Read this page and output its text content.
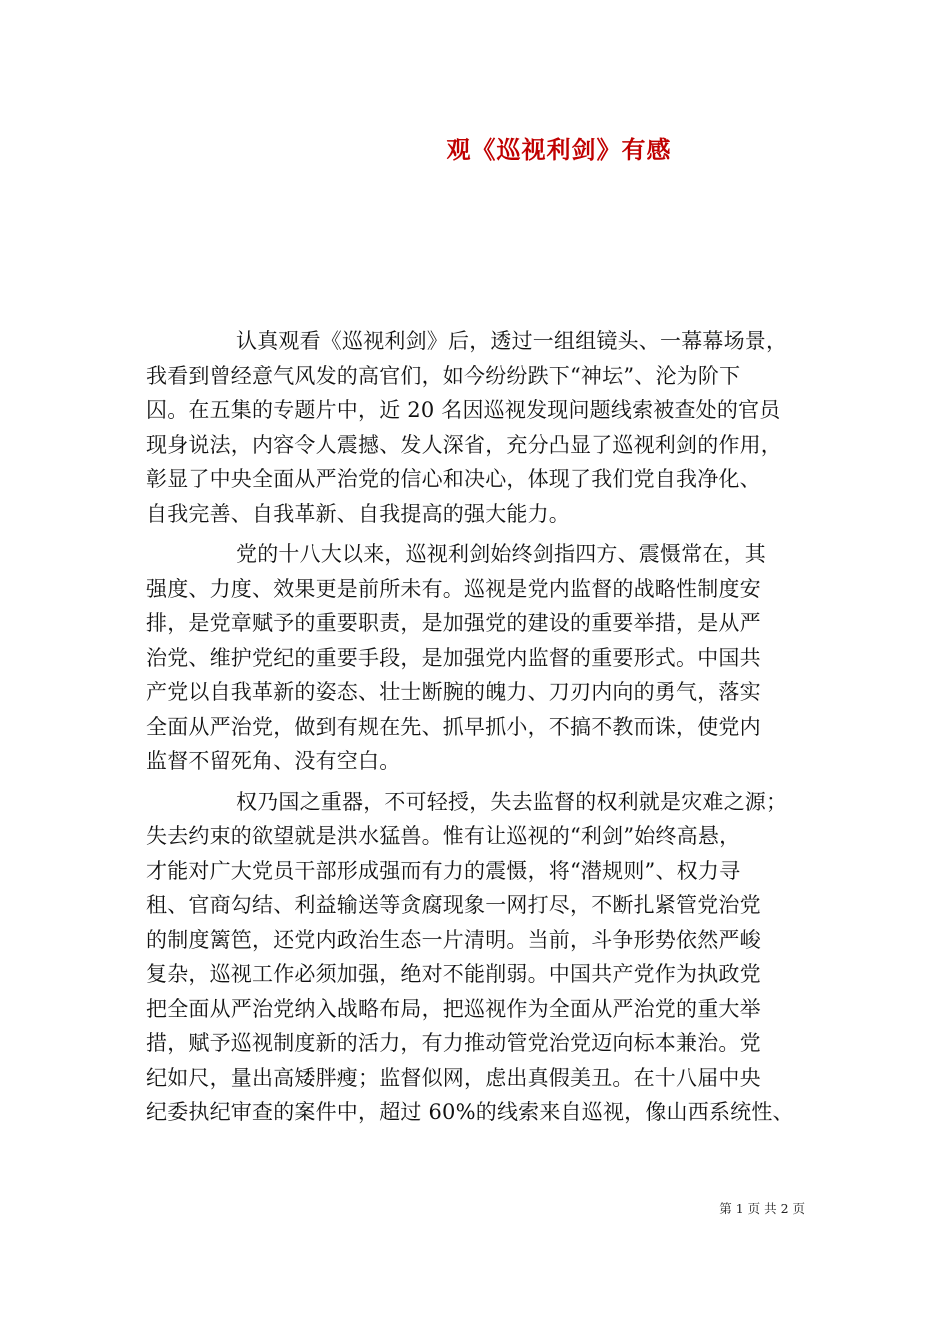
观《巡视利剑》有感
认真观看《巡视利剑》后，透过一组组镜头、一幕幕场景，
我看到曾经意气风发的高官们，如今纷纷跌下“神坛”、沦为阶下
囚。在五集的专题片中，近 20 名因巡视发现问题线索被查处的官员
现身说法，内容令人震撼、发人深省，充分凸显了巡视利剑的作用，
彰显了中央全面从严治党的信心和决心，体现了我们党自我净化、
自我完善、自我革新、自我提高的强大能力。
党的十八大以来，巡视利剑始终剑指四方、震慑常在，其
强度、力度、效果更是前所未有。巡视是党内监督的战略性制度安
排，是党章赋予的重要职责，是加强党的建设的重要举措，是从严
治党、维护党纪的重要手段，是加强党内监督的重要形式。中国共
产党以自我革新的姿态、壮士断腕的魄力、刀刃内向的勇气，落实
全面从严治党，做到有规在先、抓早抓小，不搞不教而诛，使党内
监督不留死角、没有空白。
权乃国之重器，不可轻授，失去监督的权利就是灾难之源；
失去约束的欲望就是洪水猛兽。惟有让巡视的“利剑”始终高悬，
才能对广大党员干部形成强而有力的震慑，将“潜规则”、权力寻
租、官商勾结、利益输送等贪腐现象一网打尽，不断扎紧管党治党
的制度篱笆，还党内政治生态一片清明。当前，斗争形势依然严峻
复杂，巡视工作必须加强，绝对不能削弱。中国共产党作为执政党
把全面从严治党纳入战略布局，把巡视作为全面从严治党的重大举
措，赋予巡视制度新的活力，有力推动管党治党迈向标本兼治。党
纪如尺，量出高矮胖瘦；监督似网，虑出真假美丑。在十八届中央
纪委执纪审查的案件中，超过 60%的线索来自巡视，像山西系统性、
第 1 页 共 2 页
